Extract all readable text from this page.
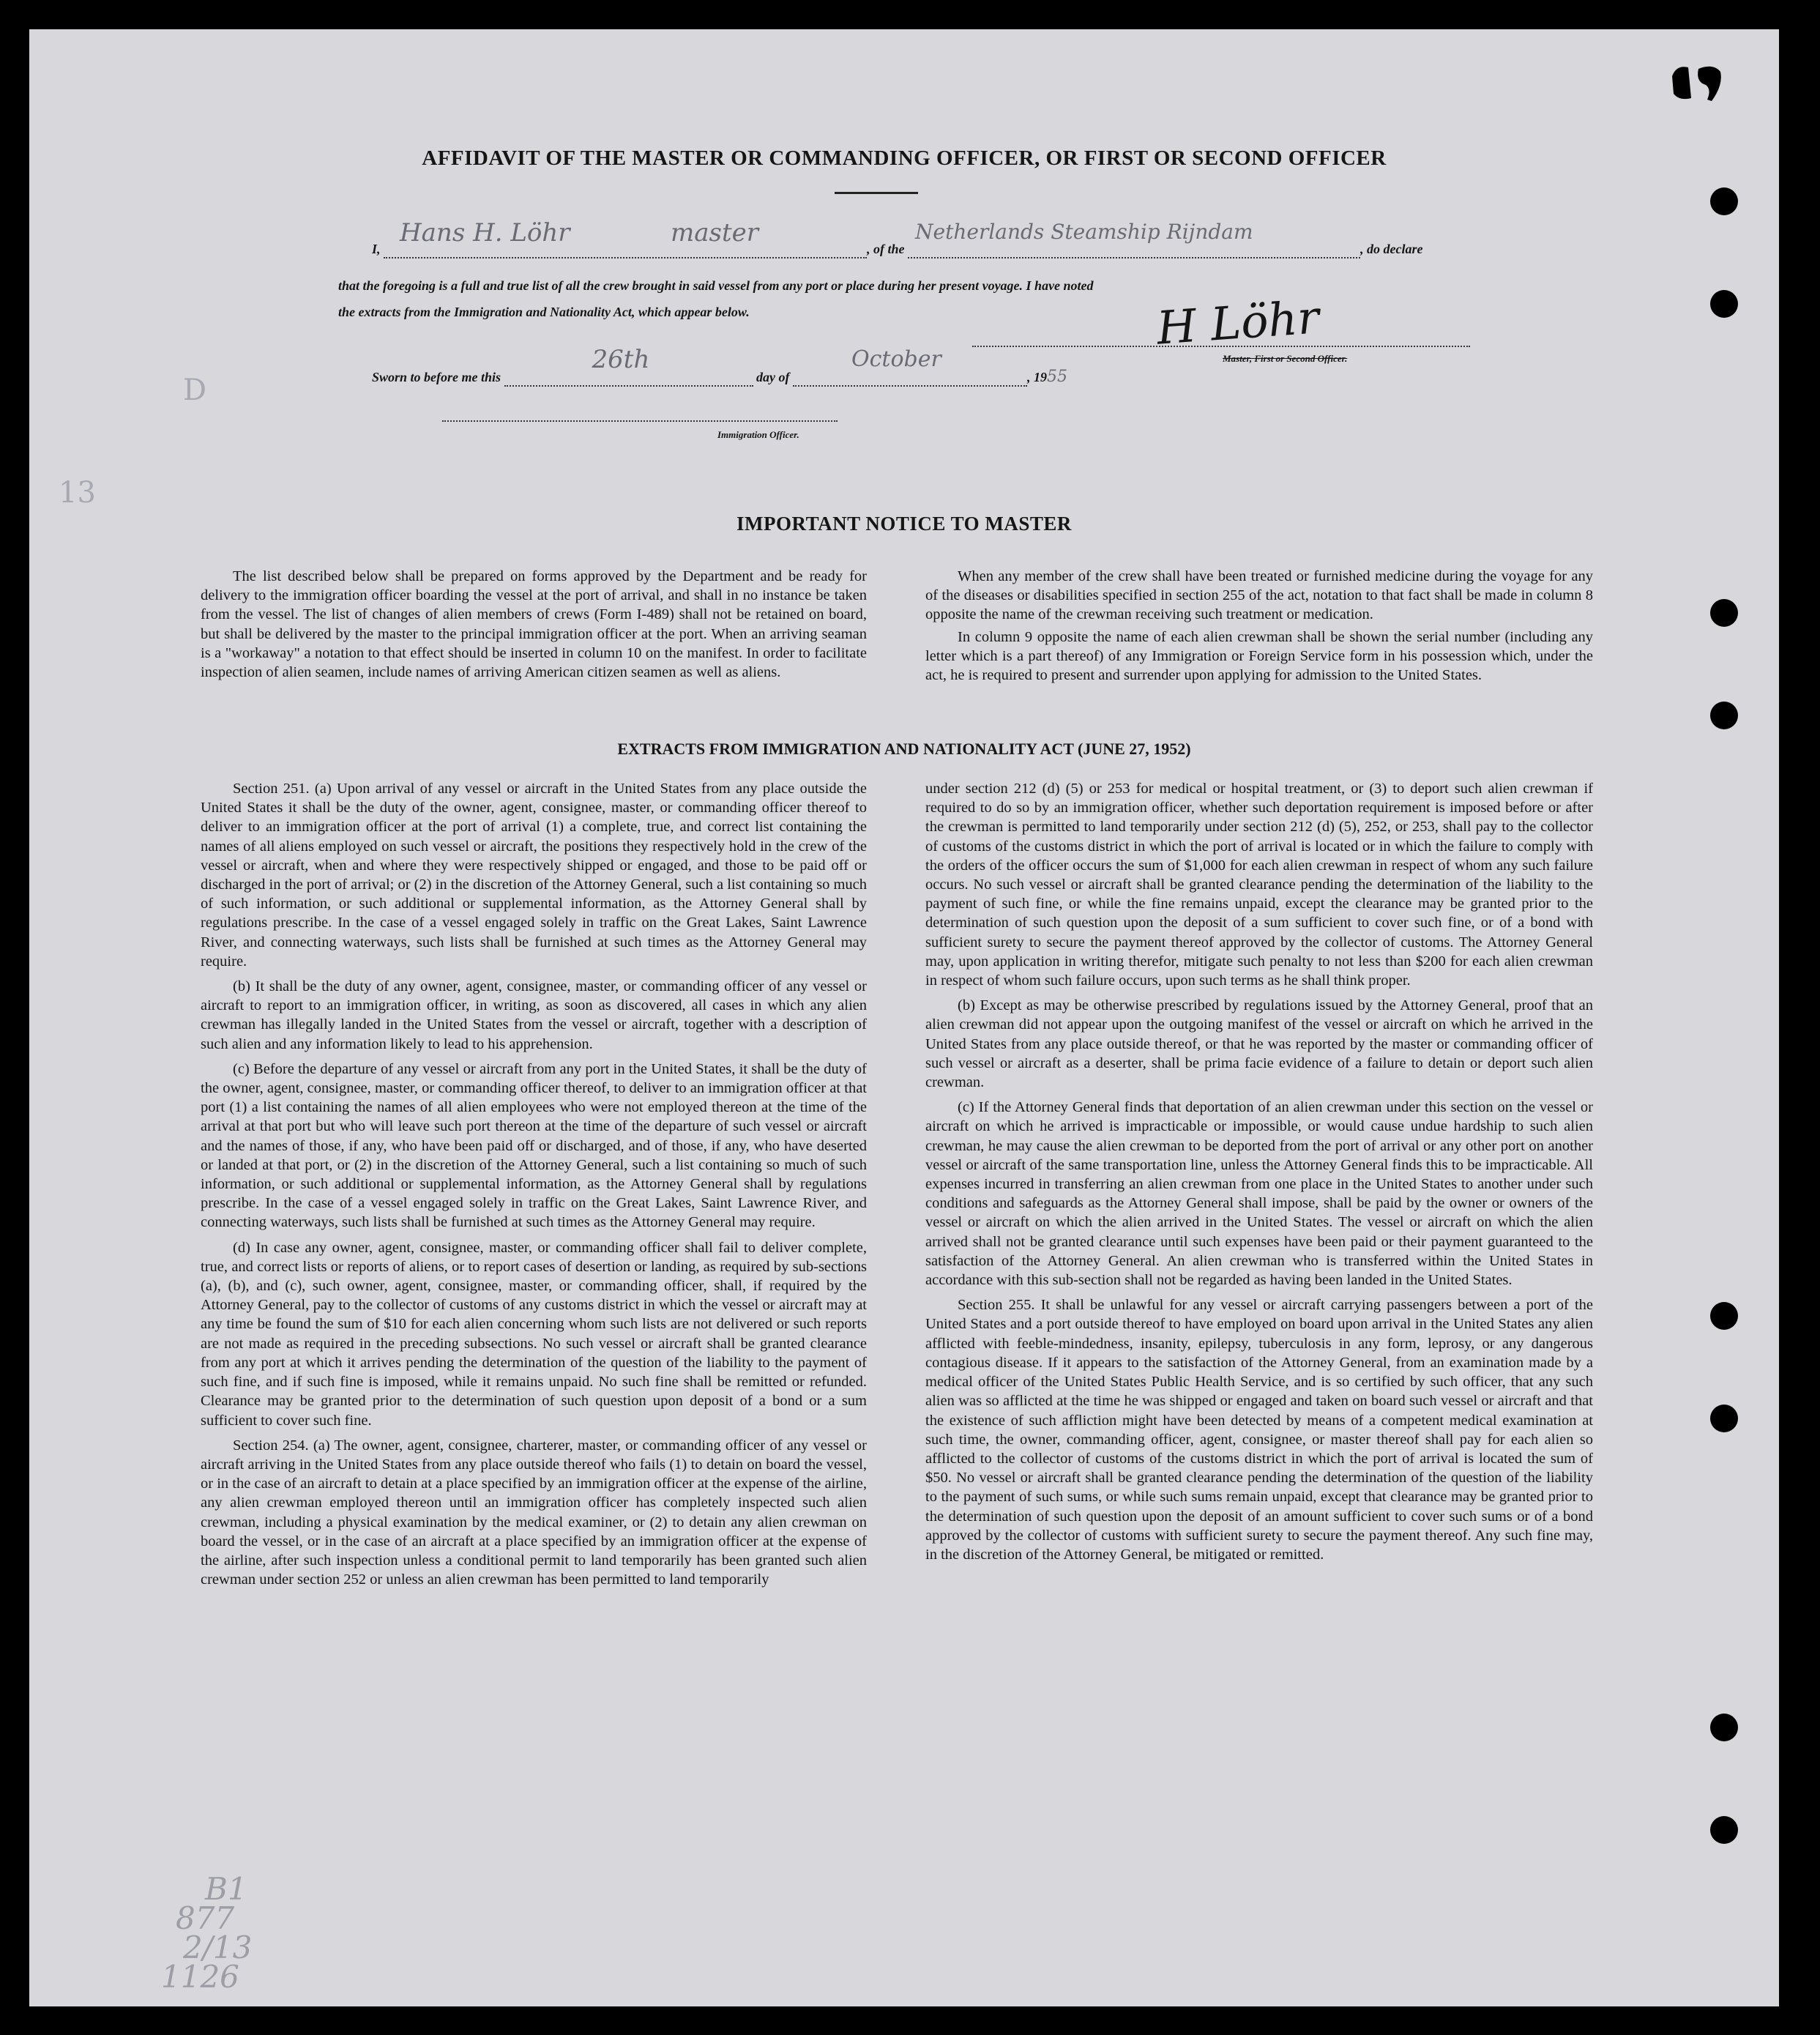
D
13
AFFIDAVIT OF THE MASTER OR COMMANDING OFFICER, OR FIRST OR SECOND OFFICER
I,
Hans H. Löhr	master
, of the
Netherlands Steamship Rijndam
, do declare
that the foregoing is a full and true list of all the crew brought in said vessel from any port or place during her present voyage. I have noted
the extracts from the Immigration and Nationality Act, which appear below.	H Löhr
Master, First or Second Officer.
Sworn to before me this
26th
day of
October
, 1955
Immigration Officer.
IMPORTANT NOTICE TO MASTER

The list described below shall be prepared on forms approved by the Department and be ready for delivery to the immigration officer boarding the vessel at the port of arrival, and shall in no instance be taken from the vessel. The list of changes of alien members of crews (Form I-489) shall not be retained on board, but shall be delivered by the master to the principal immigration officer at the port. When an arriving seaman is a "workaway" a notation to that effect should be inserted in column 10 on the manifest. In order to facilitate inspection of alien seamen, include names of arriving American citizen seamen as well as aliens.

When any member of the crew shall have been treated or furnished medicine during the voyage for any of the diseases or disabilities specified in section 255 of the act, notation to that fact shall be made in column 8 opposite the name of the crewman receiving such treatment or medication.

In column 9 opposite the name of each alien crewman shall be shown the serial number (including any letter which is a part thereof) of any Immigration or Foreign Service form in his possession which, under the act, he is required to present and surrender upon applying for admission to the United States.

EXTRACTS FROM IMMIGRATION AND NATIONALITY ACT (JUNE 27, 1952)

Section 251. (a) Upon arrival of any vessel or aircraft in the United States from any place outside the United States it shall be the duty of the owner, agent, consignee, master, or commanding officer thereof to deliver to an immigration officer at the port of arrival (1) a complete, true, and correct list containing the names of all aliens employed on such vessel or aircraft, the positions they respectively hold in the crew of the vessel or aircraft, when and where they were respectively shipped or engaged, and those to be paid off or discharged in the port of arrival; or (2) in the discretion of the Attorney General, such a list containing so much of such information, or such additional or supplemental information, as the Attorney General shall by regulations prescribe. In the case of a vessel engaged solely in traffic on the Great Lakes, Saint Lawrence River, and connecting waterways, such lists shall be furnished at such times as the Attorney General may require.

(b) It shall be the duty of any owner, agent, consignee, master, or commanding officer of any vessel or aircraft to report to an immigration officer, in writing, as soon as discovered, all cases in which any alien crewman has illegally landed in the United States from the vessel or aircraft, together with a description of such alien and any information likely to lead to his apprehension.

(c) Before the departure of any vessel or aircraft from any port in the United States, it shall be the duty of the owner, agent, consignee, master, or commanding officer thereof, to deliver to an immigration officer at that port (1) a list containing the names of all alien employees who were not employed thereon at the time of the arrival at that port but who will leave such port thereon at the time of the departure of such vessel or aircraft and the names of those, if any, who have been paid off or discharged, and of those, if any, who have deserted or landed at that port, or (2) in the discretion of the Attorney General, such a list containing so much of such information, or such additional or supplemental information, as the Attorney General shall by regulations prescribe. In the case of a vessel engaged solely in traffic on the Great Lakes, Saint Lawrence River, and connecting waterways, such lists shall be furnished at such times as the Attorney General may require.

(d) In case any owner, agent, consignee, master, or commanding officer shall fail to deliver complete, true, and correct lists or reports of aliens, or to report cases of desertion or landing, as required by sub-sections (a), (b), and (c), such owner, agent, consignee, master, or commanding officer, shall, if required by the Attorney General, pay to the collector of customs of any customs district in which the vessel or aircraft may at any time be found the sum of $10 for each alien concerning whom such lists are not delivered or such reports are not made as required in the preceding subsections. No such vessel or aircraft shall be granted clearance from any port at which it arrives pending the determination of the question of the liability to the payment of such fine, and if such fine is imposed, while it remains unpaid. No such fine shall be remitted or refunded. Clearance may be granted prior to the determination of such question upon deposit of a bond or a sum sufficient to cover such fine.

Section 254. (a) The owner, agent, consignee, charterer, master, or commanding officer of any vessel or aircraft arriving in the United States from any place outside thereof who fails (1) to detain on board the vessel, or in the case of an aircraft to detain at a place specified by an immigration officer at the expense of the airline, any alien crewman employed thereon until an immigration officer has completely inspected such alien crewman, including a physical examination by the medical examiner, or (2) to detain any alien crewman on board the vessel, or in the case of an aircraft at a place specified by an immigration officer at the expense of the airline, after such inspection unless a conditional permit to land temporarily has been granted such alien crewman under section 252 or unless an alien crewman has been permitted to land temporarily

under section 212 (d) (5) or 253 for medical or hospital treatment, or (3) to deport such alien crewman if required to do so by an immigration officer, whether such deportation requirement is imposed before or after the crewman is permitted to land temporarily under section 212 (d) (5), 252, or 253, shall pay to the collector of customs of the customs district in which the port of arrival is located or in which the failure to comply with the orders of the officer occurs the sum of $1,000 for each alien crewman in respect of whom any such failure occurs. No such vessel or aircraft shall be granted clearance pending the determination of the liability to the payment of such fine, or while the fine remains unpaid, except the clearance may be granted prior to the determination of such question upon the deposit of a sum sufficient to cover such fine, or of a bond with sufficient surety to secure the payment thereof approved by the collector of customs. The Attorney General may, upon application in writing therefor, mitigate such penalty to not less than $200 for each alien crewman in respect of whom such failure occurs, upon such terms as he shall think proper.

(b) Except as may be otherwise prescribed by regulations issued by the Attorney General, proof that an alien crewman did not appear upon the outgoing manifest of the vessel or aircraft on which he arrived in the United States from any place outside thereof, or that he was reported by the master or commanding officer of such vessel or aircraft as a deserter, shall be prima facie evidence of a failure to detain or deport such alien crewman.

(c) If the Attorney General finds that deportation of an alien crewman under this section on the vessel or aircraft on which he arrived is impracticable or impossible, or would cause undue hardship to such alien crewman, he may cause the alien crewman to be deported from the port of arrival or any other port on another vessel or aircraft of the same transportation line, unless the Attorney General finds this to be impracticable. All expenses incurred in transferring an alien crewman from one place in the United States to another under such conditions and safeguards as the Attorney General shall impose, shall be paid by the owner or owners of the vessel or aircraft on which the alien arrived in the United States. The vessel or aircraft on which the alien arrived shall not be granted clearance until such expenses have been paid or their payment guaranteed to the satisfaction of the Attorney General. An alien crewman who is transferred within the United States in accordance with this sub-section shall not be regarded as having been landed in the United States.

Section 255. It shall be unlawful for any vessel or aircraft carrying passengers between a port of the United States and a port outside thereof to have employed on board upon arrival in the United States any alien afflicted with feeble-mindedness, insanity, epilepsy, tuberculosis in any form, leprosy, or any dangerous contagious disease. If it appears to the satisfaction of the Attorney General, from an examination made by a medical officer of the United States Public Health Service, and is so certified by such officer, that any such alien was so afflicted at the time he was shipped or engaged and taken on board such vessel or aircraft and that the existence of such affliction might have been detected by means of a competent medical examination at such time, the owner, commanding officer, agent, consignee, or master thereof shall pay for each alien so afflicted to the collector of customs of the customs district in which the port of arrival is located the sum of $50. No vessel or aircraft shall be granted clearance pending the determination of the question of the liability to the payment of such sums, or while such sums remain unpaid, except that clearance may be granted prior to the determination of such question upon the deposit of an amount sufficient to cover such sums or of a bond approved by the collector of customs with sufficient surety to secure the payment thereof. Any such fine may, in the discretion of the Attorney General, be mitigated or remitted.

B1
877
2/13
1126
